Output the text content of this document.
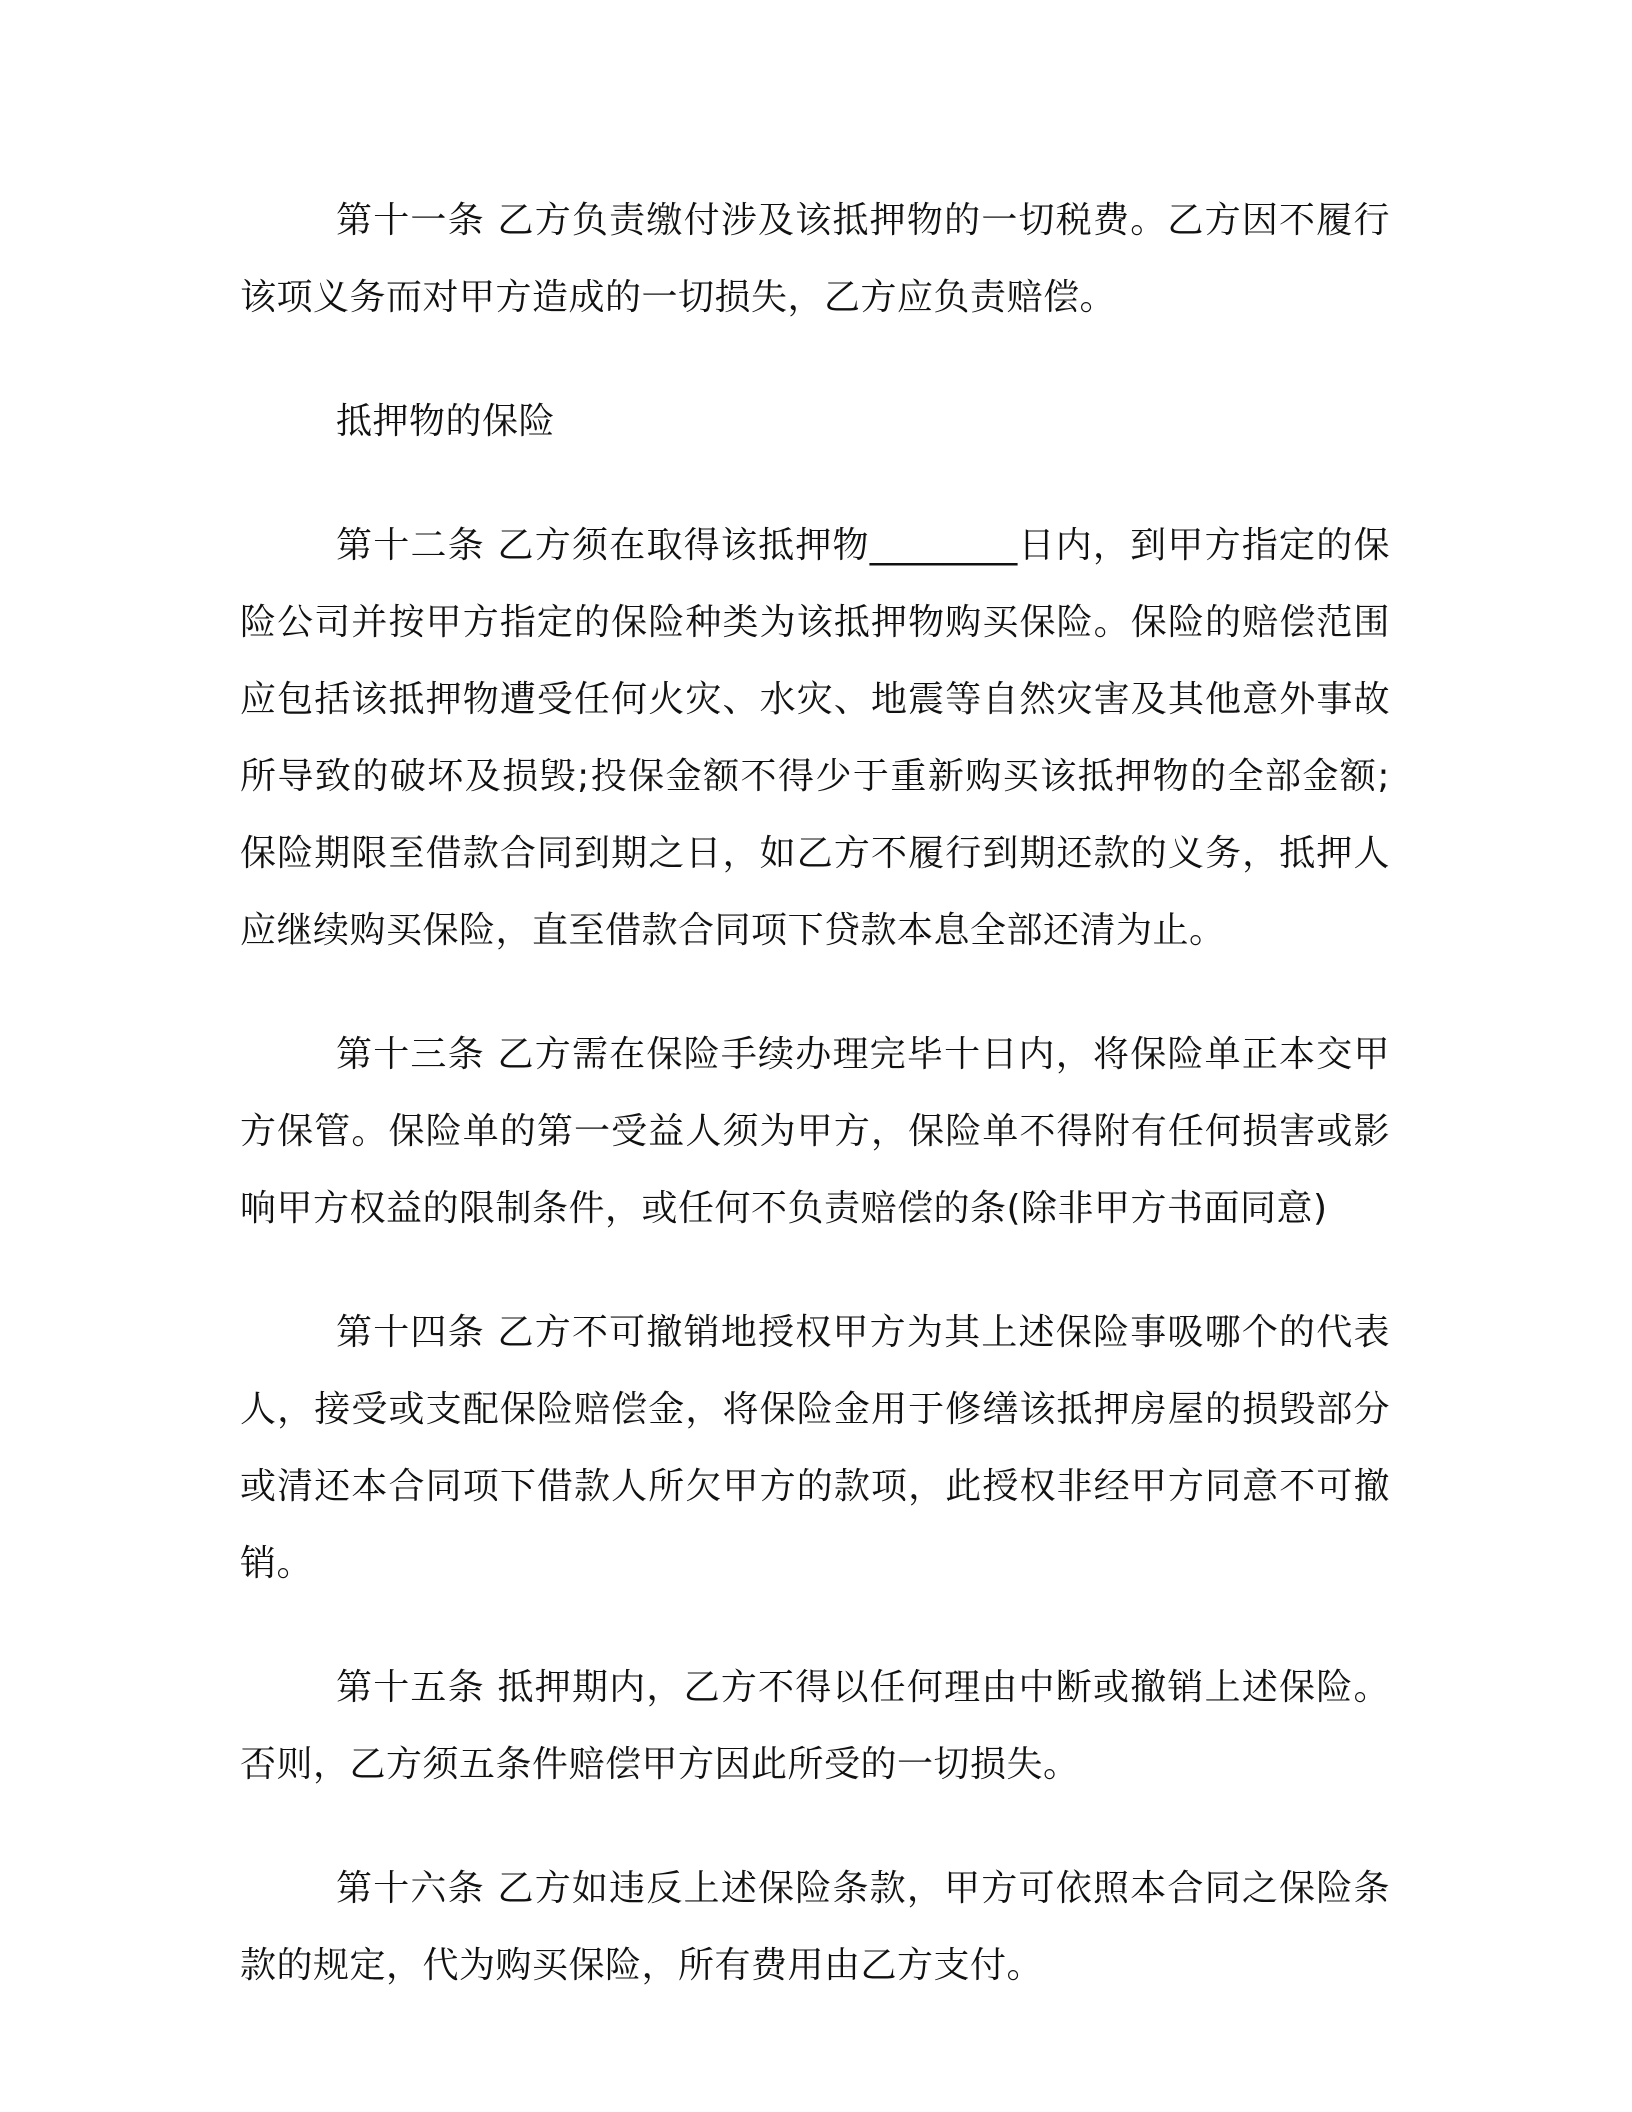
第十一条 乙方负责缴付涉及该抵押物的一切税费。乙方因不履行该项义务而对甲方造成的一切损失，乙方应负责赔偿。

抵押物的保险

第十二条 乙方须在取得该抵押物________日内，到甲方指定的保险公司并按甲方指定的保险种类为该抵押物购买保险。保险的赔偿范围应包括该抵押物遭受任何火灾、水灾、地震等自然灾害及其他意外事故所导致的破坏及损毁;投保金额不得少于重新购买该抵押物的全部金额;保险期限至借款合同到期之日，如乙方不履行到期还款的义务，抵押人应继续购买保险，直至借款合同项下贷款本息全部还清为止。

第十三条 乙方需在保险手续办理完毕十日内，将保险单正本交甲方保管。保险单的第一受益人须为甲方，保险单不得附有任何损害或影响甲方权益的限制条件，或任何不负责赔偿的条(除非甲方书面同意)

第十四条 乙方不可撤销地授权甲方为其上述保险事吸哪个的代表人，接受或支配保险赔偿金，将保险金用于修缮该抵押房屋的损毁部分或清还本合同项下借款人所欠甲方的款项，此授权非经甲方同意不可撤销。

第十五条 抵押期内，乙方不得以任何理由中断或撤销上述保险。否则，乙方须五条件赔偿甲方因此所受的一切损失。

第十六条 乙方如违反上述保险条款，甲方可依照本合同之保险条款的规定，代为购买保险，所有费用由乙方支付。
